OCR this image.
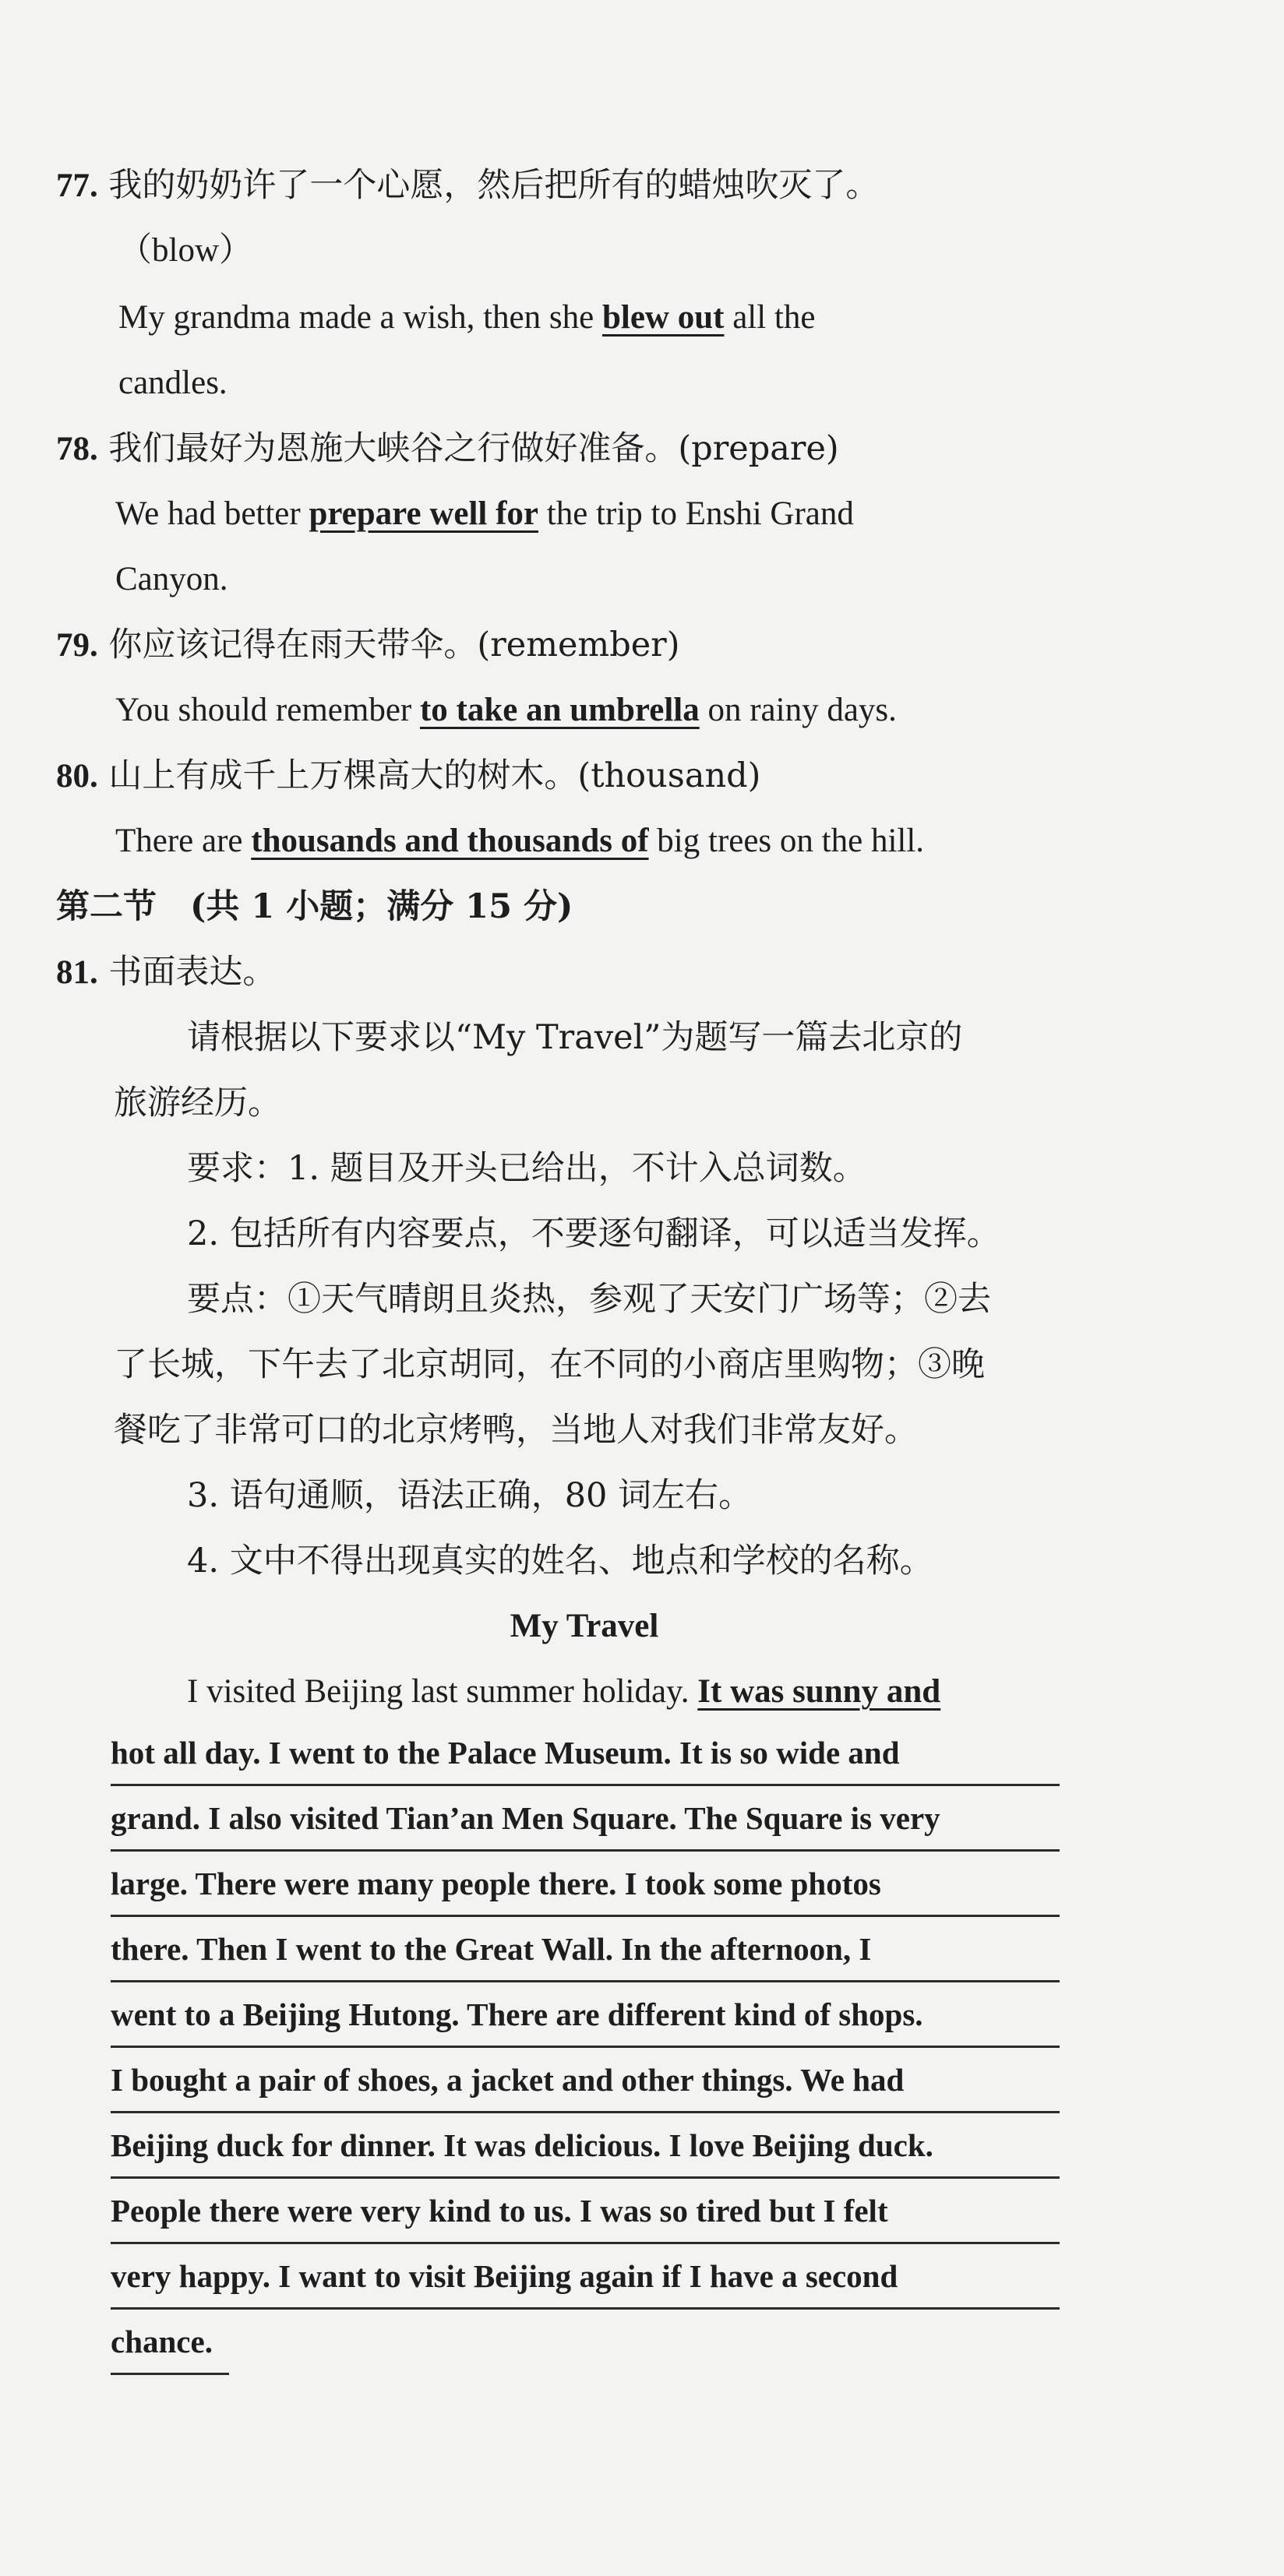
77. 我的奶奶许了一个心愿，然后把所有的蜡烛吹灭了。
（blow）
My grandma made a wish, then she blew out all the
candles.
78. 我们最好为恩施大峡谷之行做好准备。(prepare)
We had better prepare well for the trip to Enshi Grand
Canyon.
79. 你应该记得在雨天带伞。(remember)
You should remember to take an umbrella on rainy days.
80. 山上有成千上万棵高大的树木。(thousand)
There are thousands and thousands of big trees on the hill.
第二节　(共 1 小题；满分 15 分)
81. 书面表达。
请根据以下要求以“My Travel”为题写一篇去北京的
旅游经历。
要求：1. 题目及开头已给出，不计入总词数。
2. 包括所有内容要点，不要逐句翻译，可以适当发挥。
要点：①天气晴朗且炎热，参观了天安门广场等；②去
了长城，下午去了北京胡同，在不同的小商店里购物；③晚
餐吃了非常可口的北京烤鸭，当地人对我们非常友好。
3. 语句通顺，语法正确，80 词左右。
4. 文中不得出现真实的姓名、地点和学校的名称。
My Travel
I visited Beijing last summer holiday. It was sunny and
hot all day. I went to the Palace Museum. It is so wide and
grand. I also visited Tian’an Men Square. The Square is very
large. There were many people there. I took some photos
there. Then I went to the Great Wall. In the afternoon, I
went to a Beijing Hutong. There are different kind of shops.
I bought a pair of shoes, a jacket and other things. We had
Beijing duck for dinner. It was delicious. I love Beijing duck.
People there were very kind to us. I was so tired but I felt
very happy. I want to visit Beijing again if I have a second
chance.
